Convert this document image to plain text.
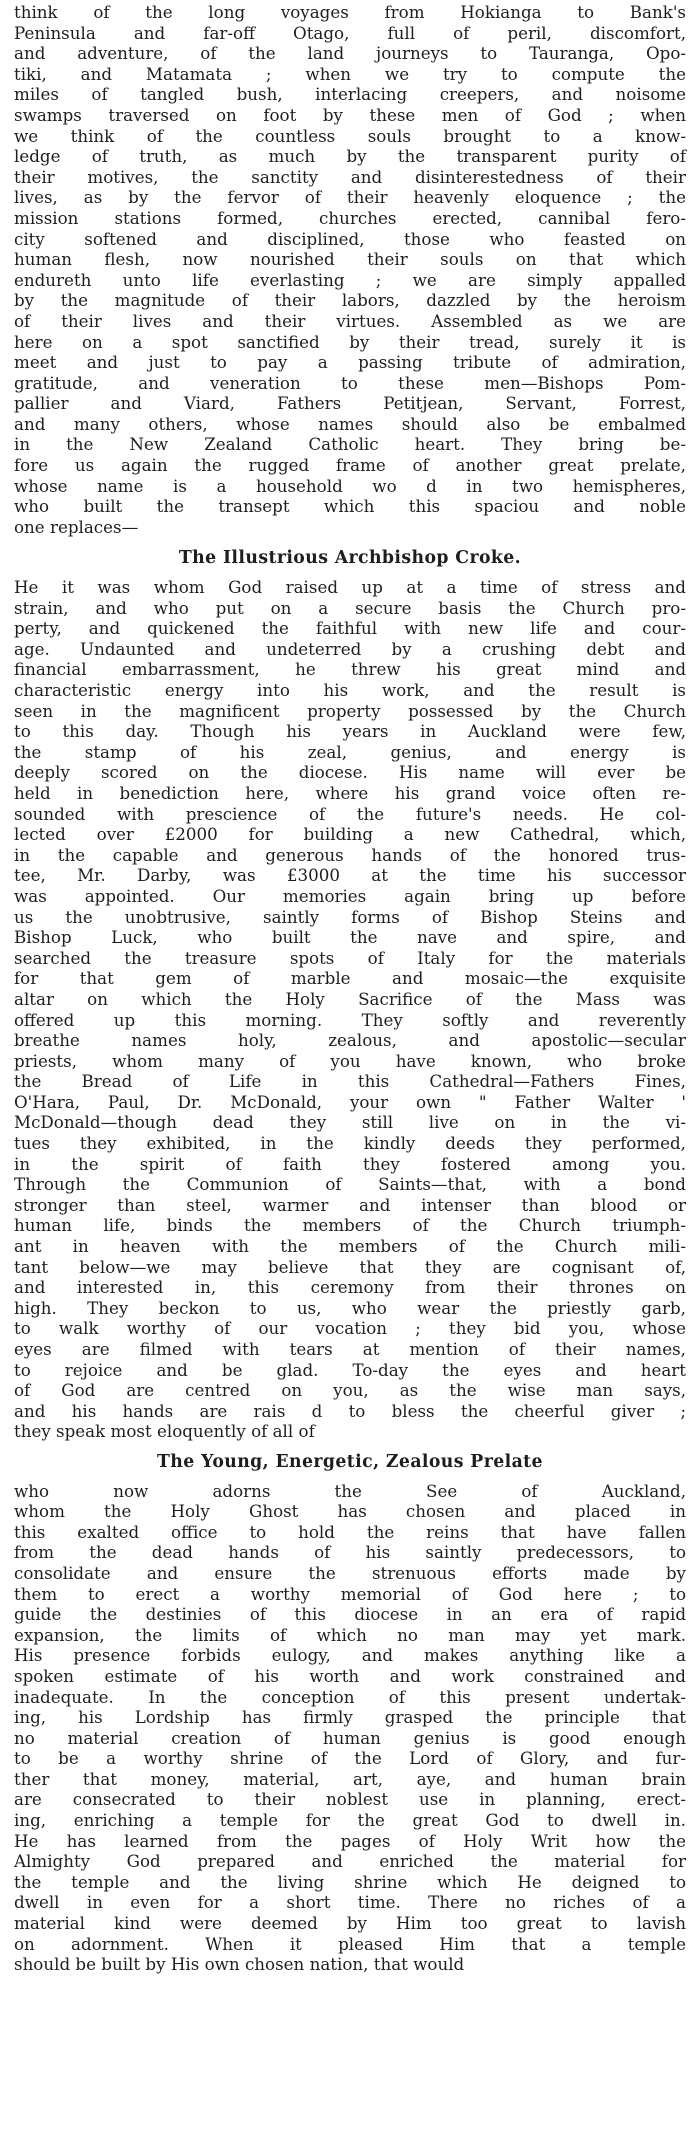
think of the long voyages from Hokianga to Bank's
Peninsula and far-off Otago, full of peril, discomfort,
and adventure, of the land journeys to Tauranga, Opo-
tiki, and Matamata ; when we try to compute the
miles of tangled bush, interlacing creepers, and noisome
swamps traversed on foot by these men of God ; when
we think of the countless souls brought to a know-
ledge of truth, as much by the transparent purity of
their motives, the sanctity and disinterestedness of their
lives, as by the fervor of their heavenly eloquence ; the
mission stations formed, churches erected, cannibal fero-
city softened and disciplined, those who feasted on
human flesh, now nourished their souls on that which
endureth unto life everlasting ; we are simply appalled
by the magnitude of their labors, dazzled by the heroism
of their lives and their virtues. Assembled as we are
here on a spot sanctified by their tread, surely it is
meet and just to pay a passing tribute of admiration,
gratitude, and veneration to these men—Bishops Pom-
pallier and Viard, Fathers Petitjean, Servant, Forrest,
and many others, whose names should also be embalmed
in the New Zealand Catholic heart. They bring be-
fore us again the rugged frame of another great prelate,
whose name is a household wo d in two hemispheres,
who built the transept which this spaciou and noble
one replaces—

The Illustrious Archbishop Croke.

He it was whom God raised up at a time of stress and
strain, and who put on a secure basis the Church pro-
perty, and quickened the faithful with new life and cour-
age. Undaunted and undeterred by a crushing debt and
financial embarrassment, he threw his great mind and
characteristic energy into his work, and the result is
seen in the magnificent property possessed by the Church
to this day. Though his years in Auckland were few,
the stamp of his zeal, genius, and energy is
deeply scored on the diocese. His name will ever be
held in benediction here, where his grand voice often re-
sounded with prescience of the future's needs. He col-
lected over £2000 for building a new Cathedral, which,
in the capable and generous hands of the honored trus-
tee, Mr. Darby, was £3000 at the time his successor
was appointed. Our memories again bring up before
us the unobtrusive, saintly forms of Bishop Steins and
Bishop Luck, who built the nave and spire, and
searched the treasure spots of Italy for the materials
for that gem of marble and mosaic—the exquisite
altar on which the Holy Sacrifice of the Mass was
offered up this morning. They softly and reverently
breathe names holy, zealous, and apostolic—secular
priests, whom many of you have known, who broke
the Bread of Life in this Cathedral—Fathers Fines,
O'Hara, Paul, Dr. McDonald, your own " Father Walter '
McDonald—though dead they still live on in the vi-
tues they exhibited, in the kindly deeds they performed,
in the spirit of faith they fostered among you.
Through the Communion of Saints—that, with a bond
stronger than steel, warmer and intenser than blood or
human life, binds the members of the Church triumph-
ant in heaven with the members of the Church mili-
tant below—we may believe that they are cognisant of,
and interested in, this ceremony from their thrones on
high. They beckon to us, who wear the priestly garb,
to walk worthy of our vocation ; they bid you, whose
eyes are filmed with tears at mention of their names,
to rejoice and be glad. To-day the eyes and heart
of God are centred on you, as the wise man says,
and his hands are rais d to bless the cheerful giver ;
they speak most eloquently of all of

The Young, Energetic, Zealous Prelate

who now adorns the See of Auckland,
whom the Holy Ghost has chosen and placed in
this exalted office to hold the reins that have fallen
from the dead hands of his saintly predecessors, to
consolidate and ensure the strenuous efforts made by
them to erect a worthy memorial of God here ; to
guide the destinies of this diocese in an era of rapid
expansion, the limits of which no man may yet mark.
His presence forbids eulogy, and makes anything like a
spoken estimate of his worth and work constrained and
inadequate. In the conception of this present undertak-
ing, his Lordship has firmly grasped the principle that
no material creation of human genius is good enough
to be a worthy shrine of the Lord of Glory, and fur-
ther that money, material, art, aye, and human brain
are consecrated to their noblest use in planning, erect-
ing, enriching a temple for the great God to dwell in.
He has learned from the pages of Holy Writ how the
Almighty God prepared and enriched the material for
the temple and the living shrine which He deigned to
dwell in even for a short time. There no riches of a
material kind were deemed by Him too great to lavish
on adornment. When it pleased Him that a temple
should be built by His own chosen nation, that would
